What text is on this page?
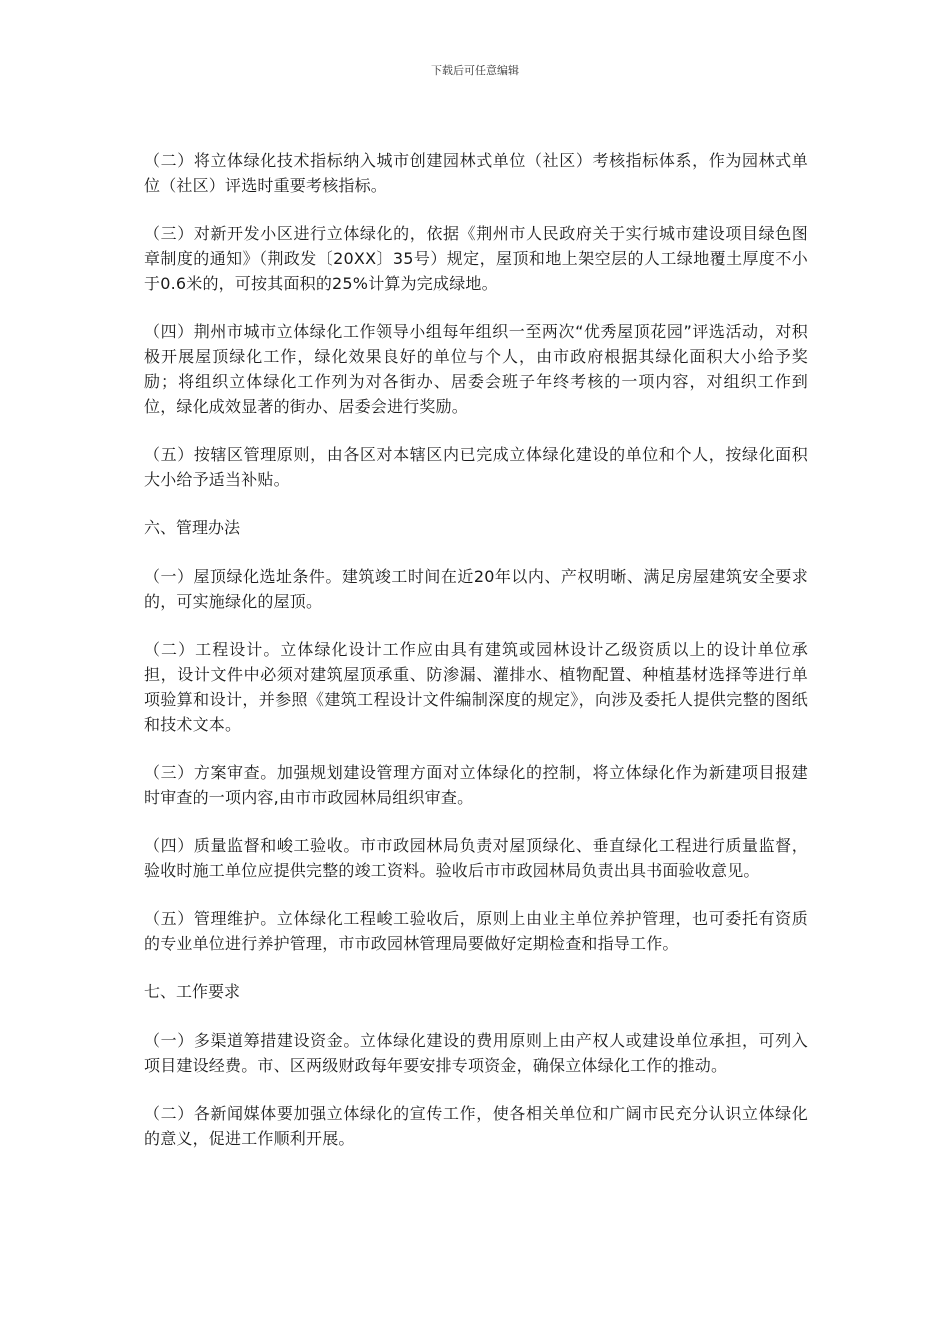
下载后可任意编辑

（二）将立体绿化技术指标纳入城市创建园林式单位（社区）考核指标体系，作为园林式单位（社区）评选时重要考核指标。

（三）对新开发小区进行立体绿化的，依据《荆州市人民政府关于实行城市建设项目绿色图章制度的通知》（荆政发〔20XX〕35号）规定，屋顶和地上架空层的人工绿地覆土厚度不小于0.6米的，可按其面积的25%计算为完成绿地。

（四）荆州市城市立体绿化工作领导小组每年组织一至两次“优秀屋顶花园”评选活动，对积极开展屋顶绿化工作，绿化效果良好的单位与个人，由市政府根据其绿化面积大小给予奖励；将组织立体绿化工作列为对各街办、居委会班子年终考核的一项内容，对组织工作到位，绿化成效显著的街办、居委会进行奖励。

（五）按辖区管理原则，由各区对本辖区内已完成立体绿化建设的单位和个人，按绿化面积大小给予适当补贴。

六、管理办法

（一）屋顶绿化选址条件。建筑竣工时间在近20年以内、产权明晰、满足房屋建筑安全要求的，可实施绿化的屋顶。

（二）工程设计。立体绿化设计工作应由具有建筑或园林设计乙级资质以上的设计单位承担，设计文件中必须对建筑屋顶承重、防渗漏、灌排水、植物配置、种植基材选择等进行单项验算和设计，并参照《建筑工程设计文件编制深度的规定》，向涉及委托人提供完整的图纸和技术文本。

（三）方案审查。加强规划建设管理方面对立体绿化的控制，将立体绿化作为新建项目报建时审查的一项内容,由市市政园林局组织审查。

（四）质量监督和峻工验收。市市政园林局负责对屋顶绿化、垂直绿化工程进行质量监督，验收时施工单位应提供完整的竣工资料。验收后市市政园林局负责出具书面验收意见。

（五）管理维护。立体绿化工程峻工验收后，原则上由业主单位养护管理，也可委托有资质的专业单位进行养护管理，市市政园林管理局要做好定期检查和指导工作。

七、工作要求

（一）多渠道筹措建设资金。立体绿化建设的费用原则上由产权人或建设单位承担，可列入项目建设经费。市、区两级财政每年要安排专项资金，确保立体绿化工作的推动。

（二）各新闻媒体要加强立体绿化的宣传工作，使各相关单位和广阔市民充分认识立体绿化的意义，促进工作顺利开展。
